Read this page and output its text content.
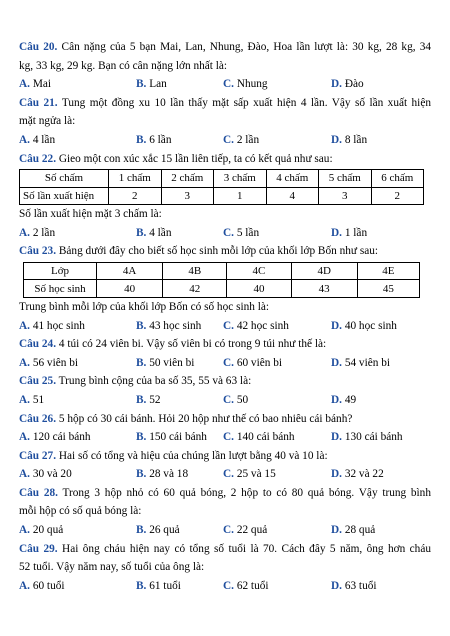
Câu 20. Cân nặng của 5 bạn Mai, Lan, Nhung, Đào, Hoa lần lượt là: 30 kg, 28 kg, 34
kg, 33 kg, 29 kg. Bạn có cân nặng lớn nhất là:
A. Mai	B. Lan	C. Nhung	D. Đào
Câu 21. Tung một đồng xu 10 lần thấy mặt sấp xuất hiện 4 lần. Vậy số lần xuất hiện
mặt ngửa là:
A. 4 lần	B. 6 lần	C. 2 lần	D. 8 lần
Câu 22. Gieo một con xúc xắc 15 lần liên tiếp, ta có kết quả như sau:
Số chấm	1 chấm	2 chấm	3 chấm	4 chấm	5 chấm	6 chấm
Số lần xuất hiện	2	3	1	4	3	2
Số lần xuất hiện mặt 3 chấm là:
A. 2 lần	B. 4 lần	C. 5 lần	D. 1 lần
Câu 23. Bảng dưới đây cho biết số học sinh mỗi lớp của khối lớp Bốn như sau:
Lớp	4A	4B	4C	4D	4E
Số học sinh	40	42	40	43	45
Trung bình mỗi lớp của khối lớp Bốn có số học sinh là:
A. 41 học sinh	B. 43 học sinh C. 42 học sinh	D. 40 học sinh
Câu 24. 4 túi có 24 viên bi. Vậy số viên bi có trong 9 túi như thế là:
A. 56 viên bi	B. 50 viên bi	C. 60 viên bi	D. 54 viên bi
Câu 25. Trung bình cộng của ba số 35, 55 và 63 là:
A. 51	B. 52	C. 50	D. 49
Câu 26. 5 hộp có 30 cái bánh. Hỏi 20 hộp như thế có bao nhiêu cái bánh?
A. 120 cái bánh	B. 150 cái bánh C. 140 cái bánh	D. 130 cái bánh
Câu 27. Hai số có tổng và hiệu của chúng lần lượt bằng 40 và 10 là:
A. 30 và 20	B. 28 và 18	C. 25 và 15	D. 32 và 22
Câu 28. Trong 3 hộp nhỏ có 60 quả bóng, 2 hộp to có 80 quả bóng. Vậy trung bình
mỗi hộp có số quả bóng là:
A. 20 quả	B. 26 quả	C. 22 quả	D. 28 quả
Câu 29. Hai ông cháu hiện nay có tổng số tuổi là 70. Cách đây 5 năm, ông hơn cháu
52 tuổi. Vậy năm nay, số tuổi của ông là:
A. 60 tuổi	B. 61 tuổi	C. 62 tuổi	D. 63 tuổi
